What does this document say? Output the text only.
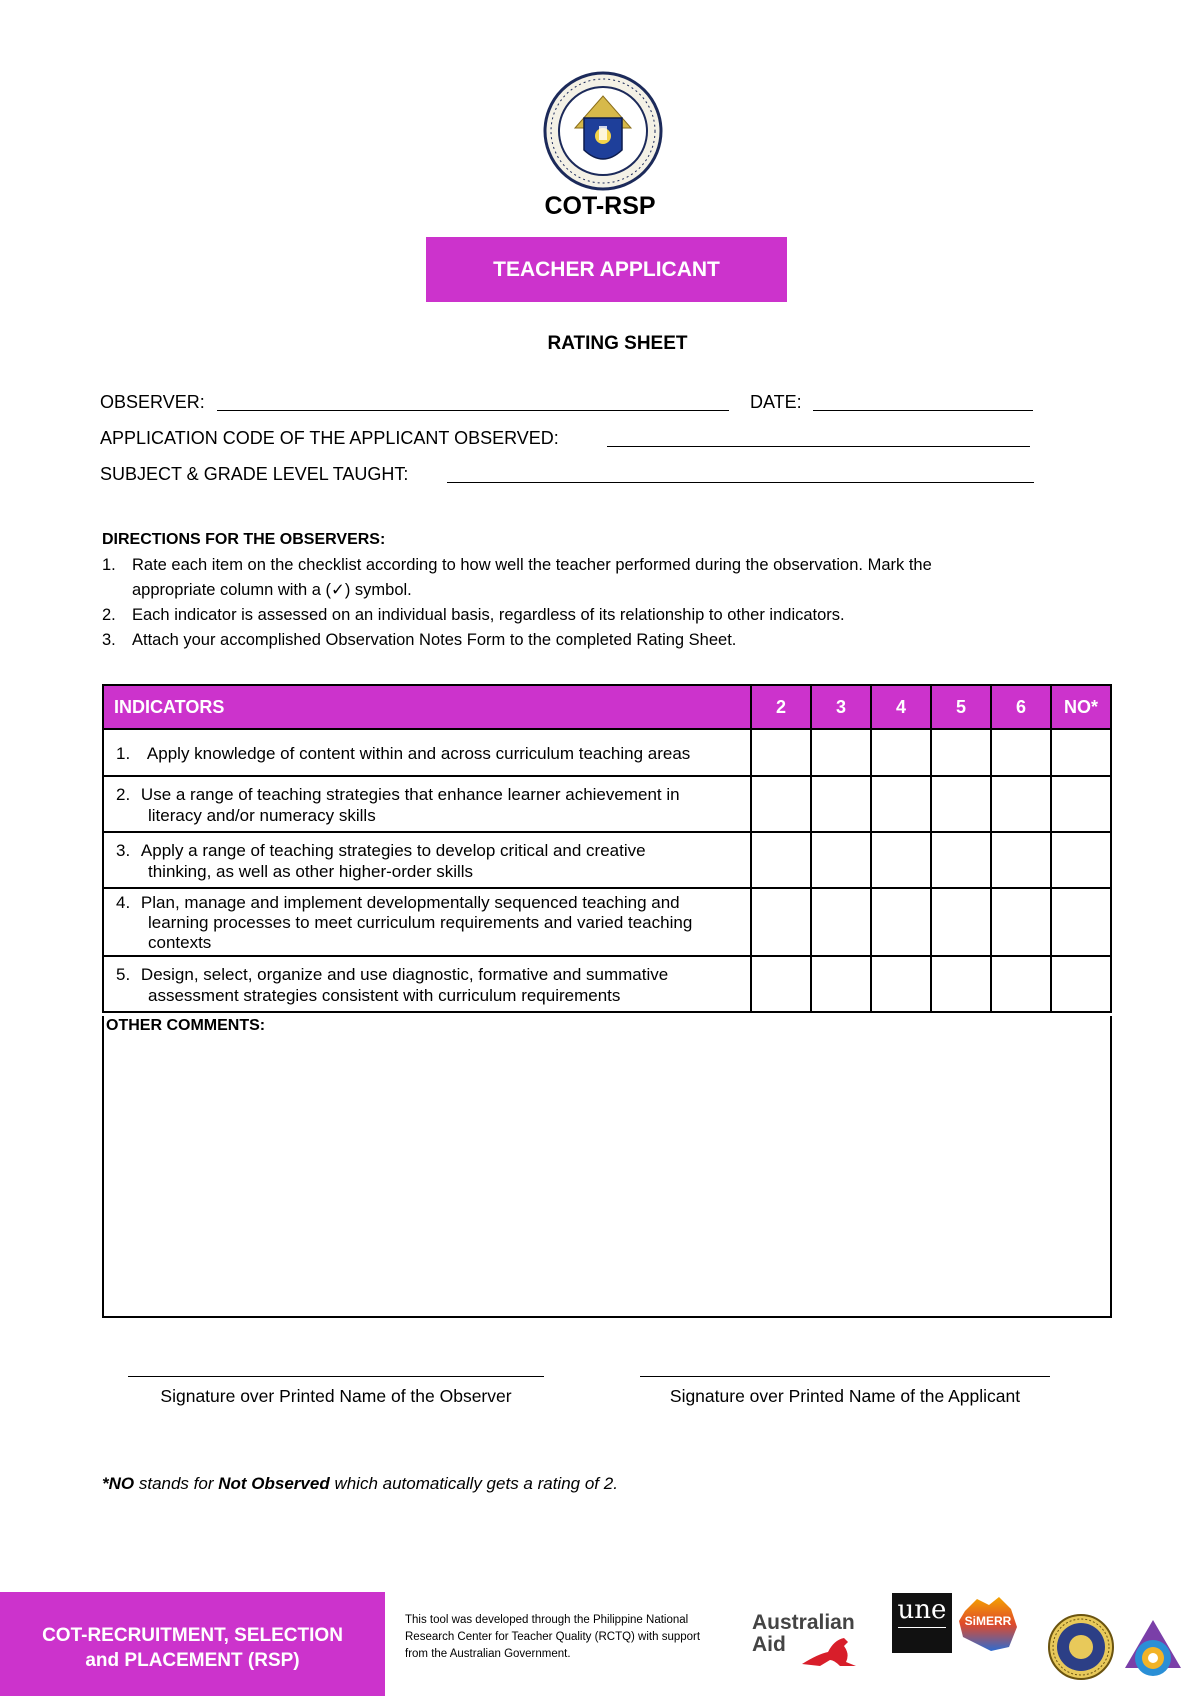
COT-RSP
TEACHER APPLICANT
RATING SHEET
OBSERVER:	DATE:
APPLICATION CODE OF THE APPLICANT OBSERVED:
SUBJECT & GRADE LEVEL TAUGHT:
DIRECTIONS FOR THE OBSERVERS:
1. Rate each item on the checklist according to how well the teacher performed during the observation. Mark the
appropriate column with a (✓) symbol.
2. Each indicator is assessed on an individual basis, regardless of its relationship to other indicators.
3. Attach your accomplished Observation Notes Form to the completed Rating Sheet.
INDICATORS	2	3	4	5	6	NO*
1. Apply knowledge of content within and across curriculum teaching areas						
2. Use a range of teaching strategies that enhance learner achievement in
literacy and/or numeracy skills						
3. Apply a range of teaching strategies to develop critical and creative
thinking, as well as other higher-order skills						
4. Plan, manage and implement developmentally sequenced teaching and
learning processes to meet curriculum requirements and varied teaching
contexts						
5. Design, select, organize and use diagnostic, formative and summative
assessment strategies consistent with curriculum requirements						
OTHER COMMENTS:
Signature over Printed Name of the Observer	Signature over Printed Name of the Applicant
*NO stands for Not Observed which automatically gets a rating of 2.
COT-RECRUITMENT, SELECTION
and PLACEMENT (RSP)
This tool was developed through the Philippine National
Research Center for Teacher Quality (RCTQ) with support
from the Australian Government.
Australian
Aid
une	SiMERR
